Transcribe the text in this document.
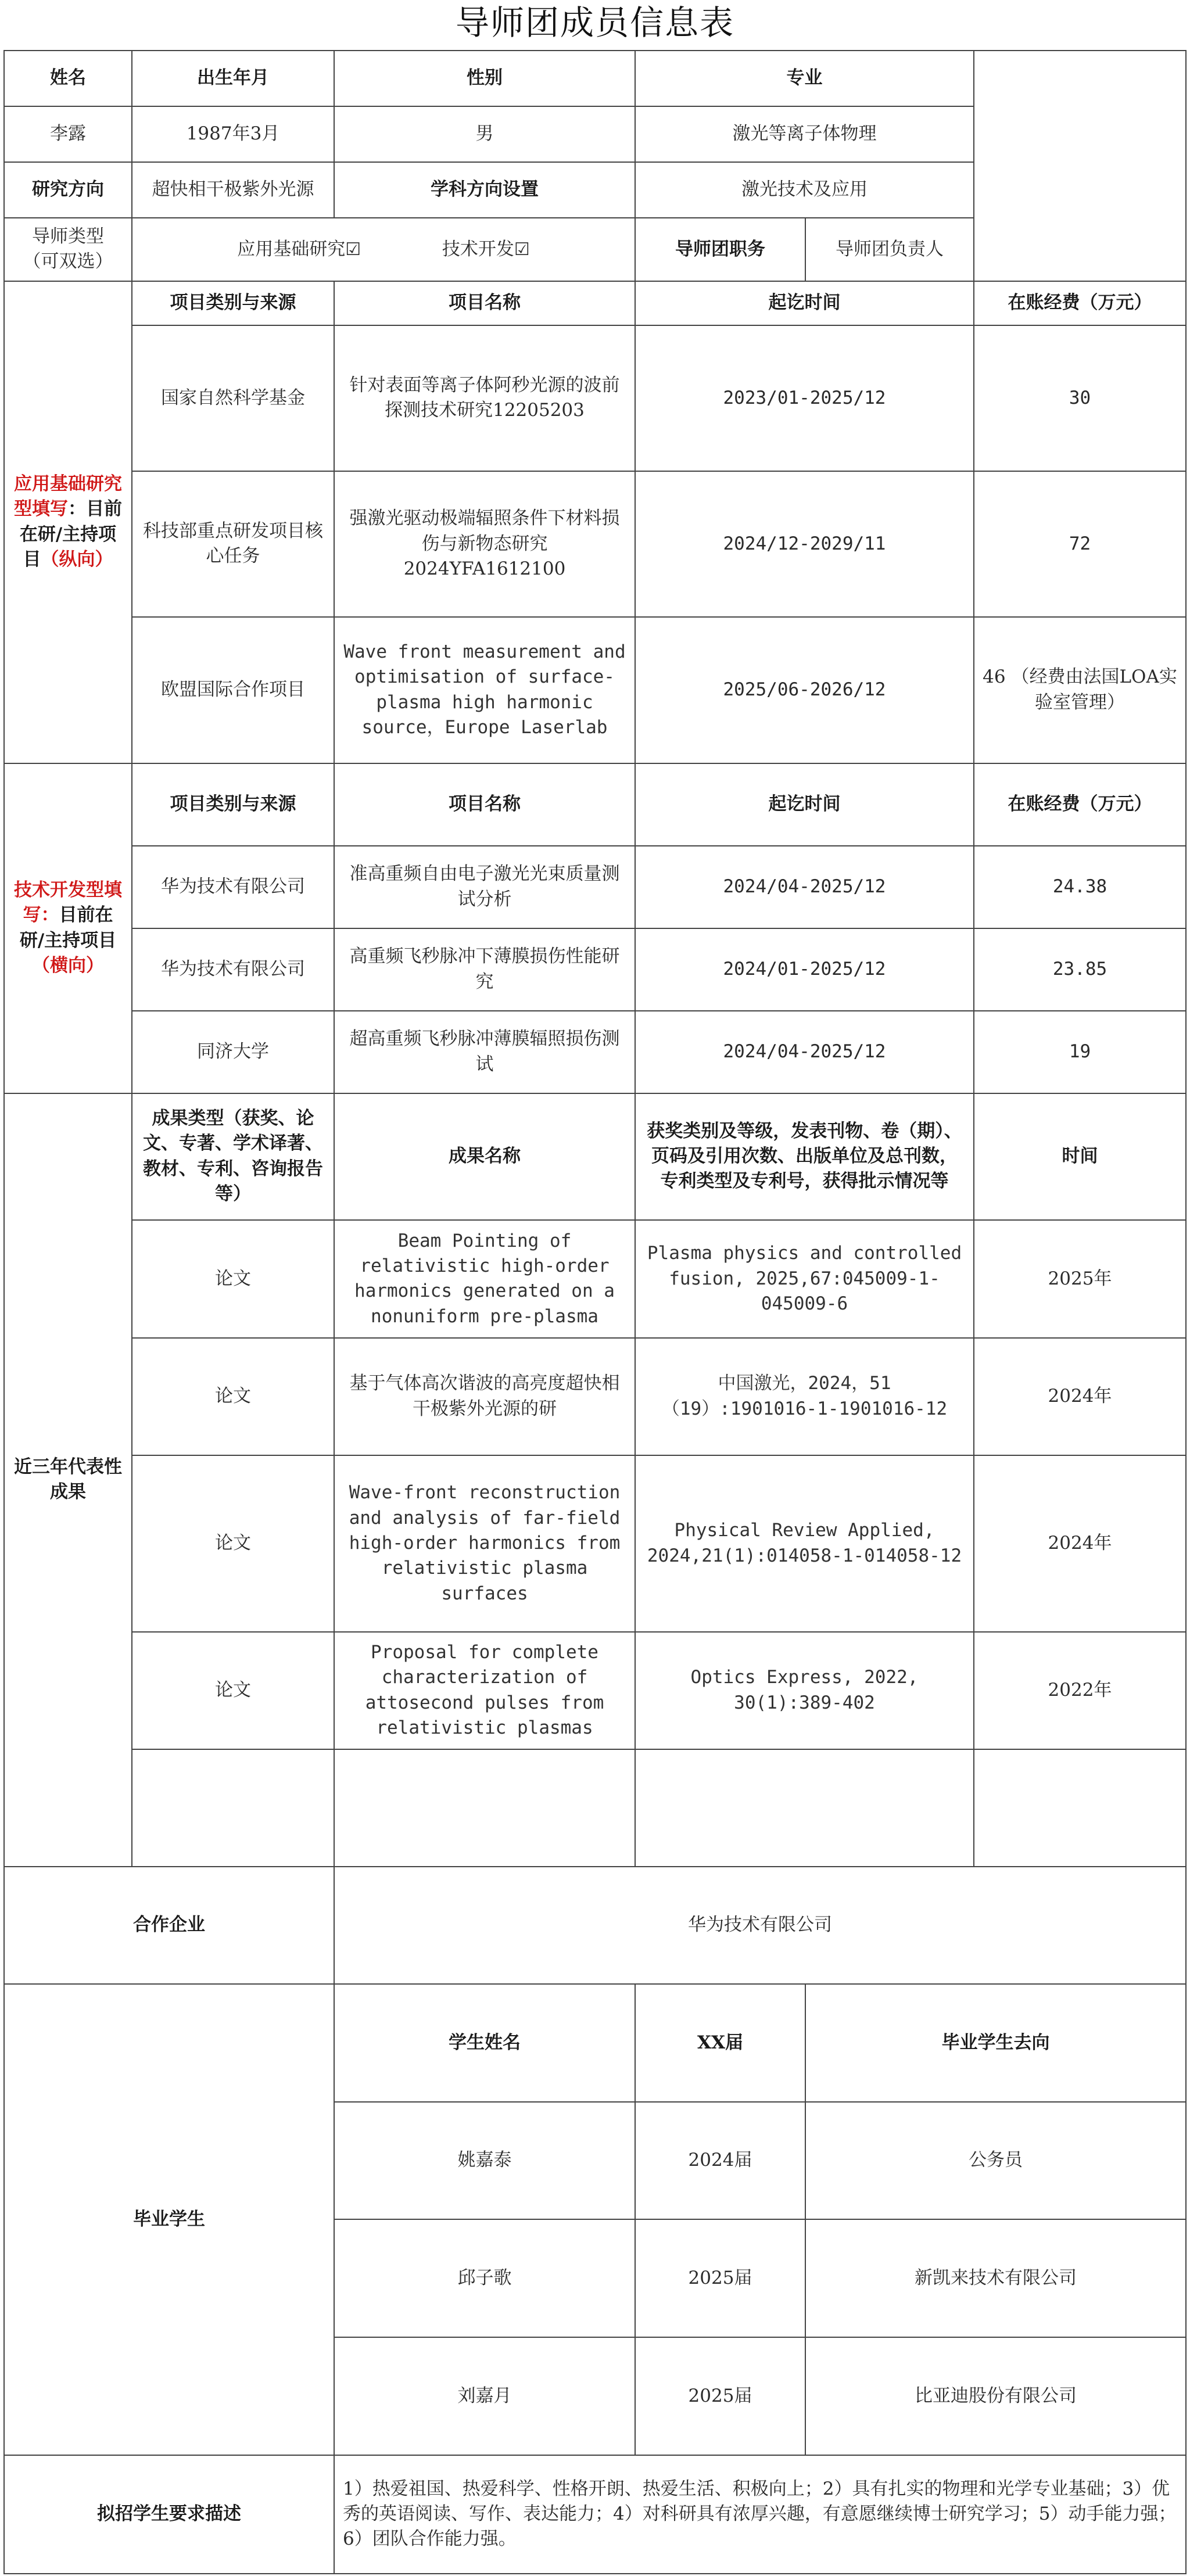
导师团成员信息表
姓名	出生年月	性别	专业		
李露	1987年3月	男	激光等离子体物理		
研究方向	超快相干极紫外光源	学科方向设置	激光技术及应用		

导师类型
（可双选）	应用基础研究☑ 技术开发☑		导师团职务	导师团负责人	
应用基础研究型填写：目前在研/主持项目（纵向）	项目类别与来源	项目名称	起讫时间		在账经费（万元）
	国家自然科学基金	针对表面等离子体阿秒光源的波前探测技术研究12205203	2023/01-2025/12		30
	科技部重点研发项目核心任务	强激光驱动极端辐照条件下材料损伤与新物态研究2024YFA1612100	2024/12-2029/11		72
	欧盟国际合作项目	Wave front measurement and optimisation of surface-plasma high harmonic source，Europe Laserlab	2025/06-2026/12		46 （经费由法国LOA实验室管理）
技术开发型填写：目前在研/主持项目（横向）	项目类别与来源	项目名称	起讫时间		在账经费（万元）
	华为技术有限公司	准高重频自由电子激光光束质量测试分析	2024/04-2025/12		24.38
	华为技术有限公司	高重频飞秒脉冲下薄膜损伤性能研究	2024/01-2025/12		23.85
	同济大学	超高重频飞秒脉冲薄膜辐照损伤测试	2024/04-2025/12		19
近三年代表性成果	成果类型（获奖、论文、专著、学术译著、教材、专利、咨询报告等）	成果名称	获奖类别及等级，发表刊物、卷（期）、页码及引用次数、出版单位及总刊数，专利类型及专利号，获得批示情况等		时间
	论文	Beam Pointing of relativistic high-order harmonics generated on a nonuniform pre-plasma	Plasma physics and controlled fusion, 2025,67:045009-1-045009-6		2025年
	论文	基于气体高次谐波的高亮度超快相干极紫外光源的研	中国激光，2024，51（19）:1901016-1-1901016-12		2024年
	论文	Wave-front reconstruction and analysis of far-field high-order harmonics from relativistic plasma surfaces	Physical Review Applied, 2024,21(1):014058-1-014058-12		2024年
	论文	Proposal for complete characterization of attosecond pulses from relativistic plasmas	Optics Express, 2022, 30(1):389-402		2022年

合作企业		华为技术有限公司			
毕业学生		学生姓名	XX届	毕业学生去向	
		姚嘉泰	2024届	公务员	
		邱子歌	2025届	新凯来技术有限公司	
		刘嘉月	2025届	比亚迪股份有限公司	
拟招学生要求描述		1）热爱祖国、热爱科学、性格开朗、热爱生活、积极向上；2）具有扎实的物理和光学专业基础；3）优秀的英语阅读、写作、表达能力；4）对科研具有浓厚兴趣，有意愿继续博士研究学习；5）动手能力强；6）团队合作能力强。			
